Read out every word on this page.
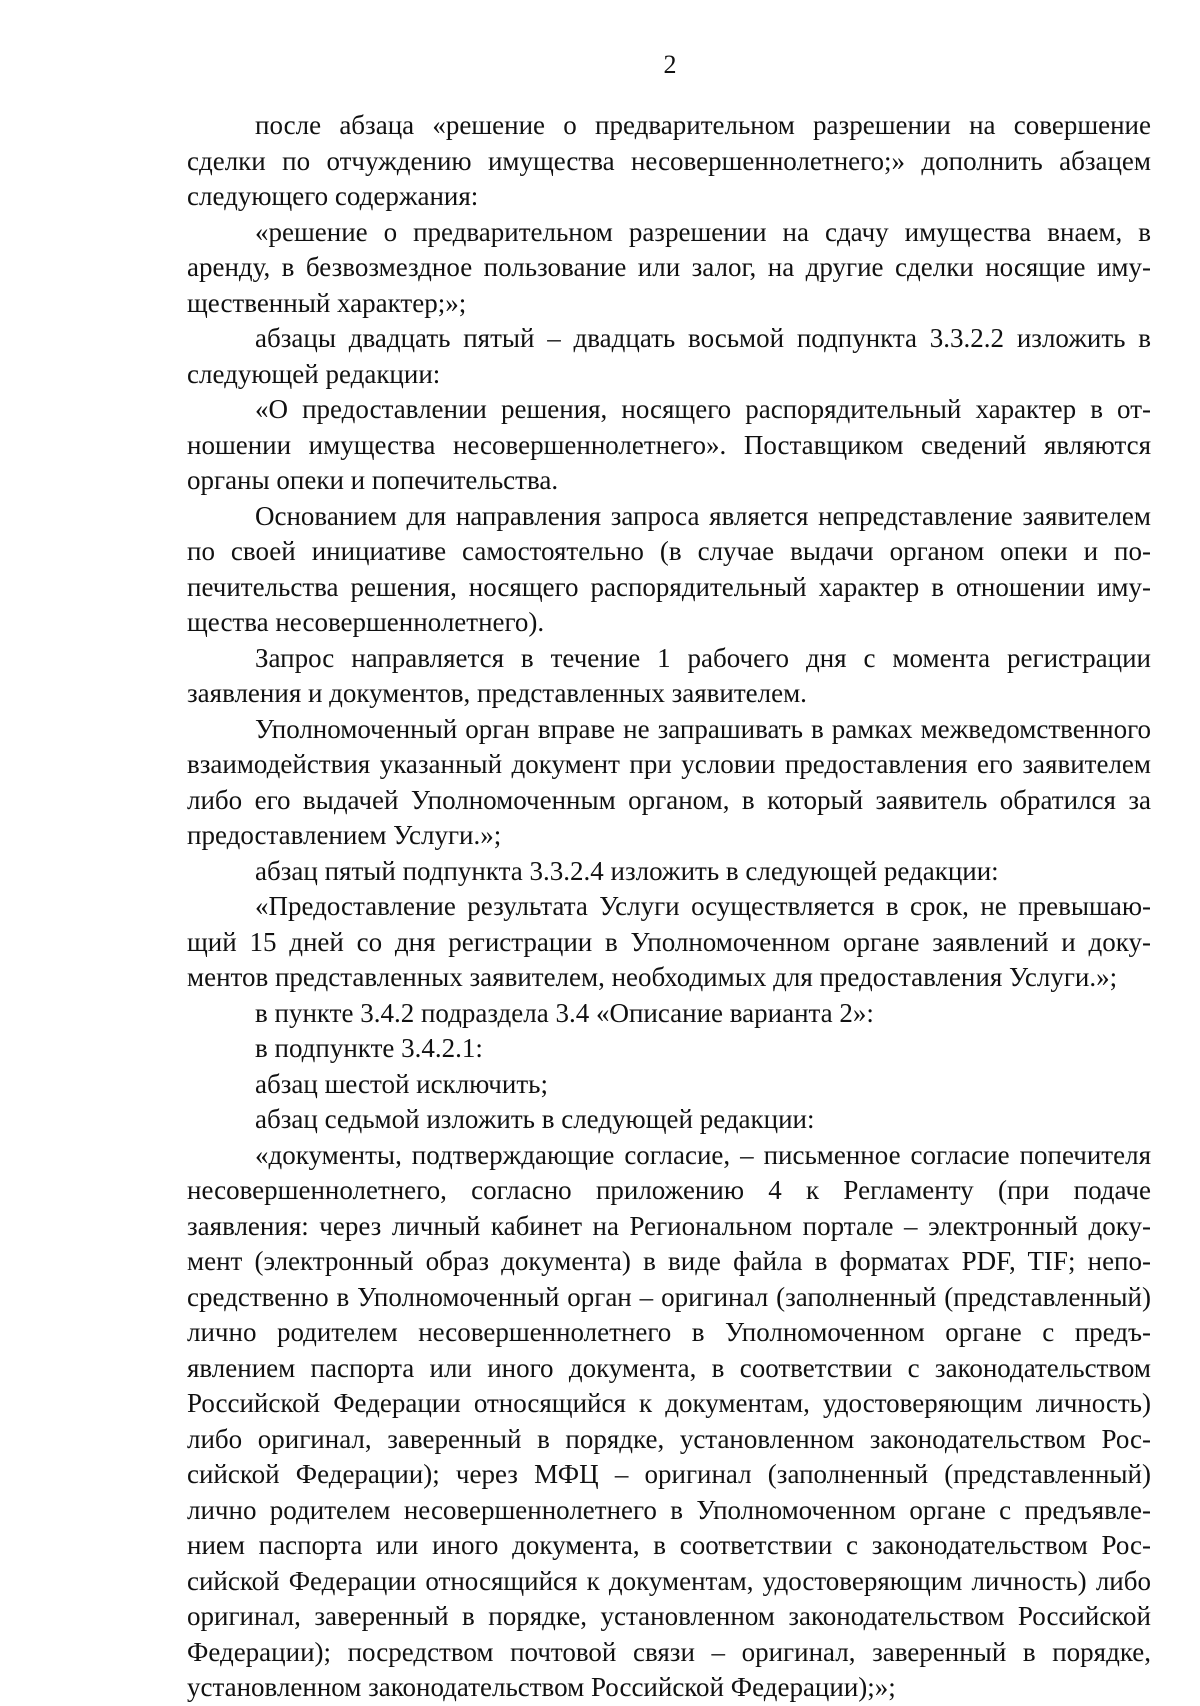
2

после абзаца «решение о предварительном разрешении на совершение сделки по отчуждению имущества несовершеннолетнего;» дополнить абзацем следующего содержания:

«решение о предварительном разрешении на сдачу имущества внаем, в аренду, в безвозмездное пользование или залог, на другие сделки носящие имущественный характер;»;

абзацы двадцать пятый – двадцать восьмой подпункта 3.3.2.2 изложить в следующей редакции:

«О предоставлении решения, носящего распорядительный характер в отношении имущества несовершеннолетнего». Поставщиком сведений являются органы опеки и попечительства.

Основанием для направления запроса является непредставление заявителем по своей инициативе самостоятельно (в случае выдачи органом опеки и попечительства решения, носящего распорядительный характер в отношении имущества несовершеннолетнего).

Запрос направляется в течение 1 рабочего дня с момента регистрации заявления и документов, представленных заявителем.

Уполномоченный орган вправе не запрашивать в рамках межведомственного взаимодействия указанный документ при условии предоставления его заявителем либо его выдачей Уполномоченным органом, в который заявитель обратился за предоставлением Услуги.»;

абзац пятый подпункта 3.3.2.4 изложить в следующей редакции:

«Предоставление результата Услуги осуществляется в срок, не превышающий 15 дней со дня регистрации в Уполномоченном органе заявлений и документов представленных заявителем, необходимых для предоставления Услуги.»;

в пункте 3.4.2 подраздела 3.4 «Описание варианта 2»:

в подпункте 3.4.2.1:

абзац шестой исключить;

абзац седьмой изложить в следующей редакции:

«документы, подтверждающие согласие, – письменное согласие попечителя несовершеннолетнего, согласно приложению 4 к Регламенту (при подаче заявления: через личный кабинет на Региональном портале – электронный документ (электронный образ документа) в виде файла в форматах PDF, TIF; непосредственно в Уполномоченный орган – оригинал (заполненный (представленный) лично родителем несовершеннолетнего в Уполномоченном органе с предъявлением паспорта или иного документа, в соответствии с законодательством Российской Федерации относящийся к документам, удостоверяющим личность) либо оригинал, заверенный в порядке, установленном законодательством Российской Федерации); через МФЦ – оригинал (заполненный (представленный) лично родителем несовершеннолетнего в Уполномоченном органе с предъявлением паспорта или иного документа, в соответствии с законодательством Российской Федерации относящийся к документам, удостоверяющим личность) либо оригинал, заверенный в порядке, установленном законодательством Российской Федерации); посредством почтовой связи – оригинал, заверенный в порядке, установленном законодательством Российской Федерации);»;
